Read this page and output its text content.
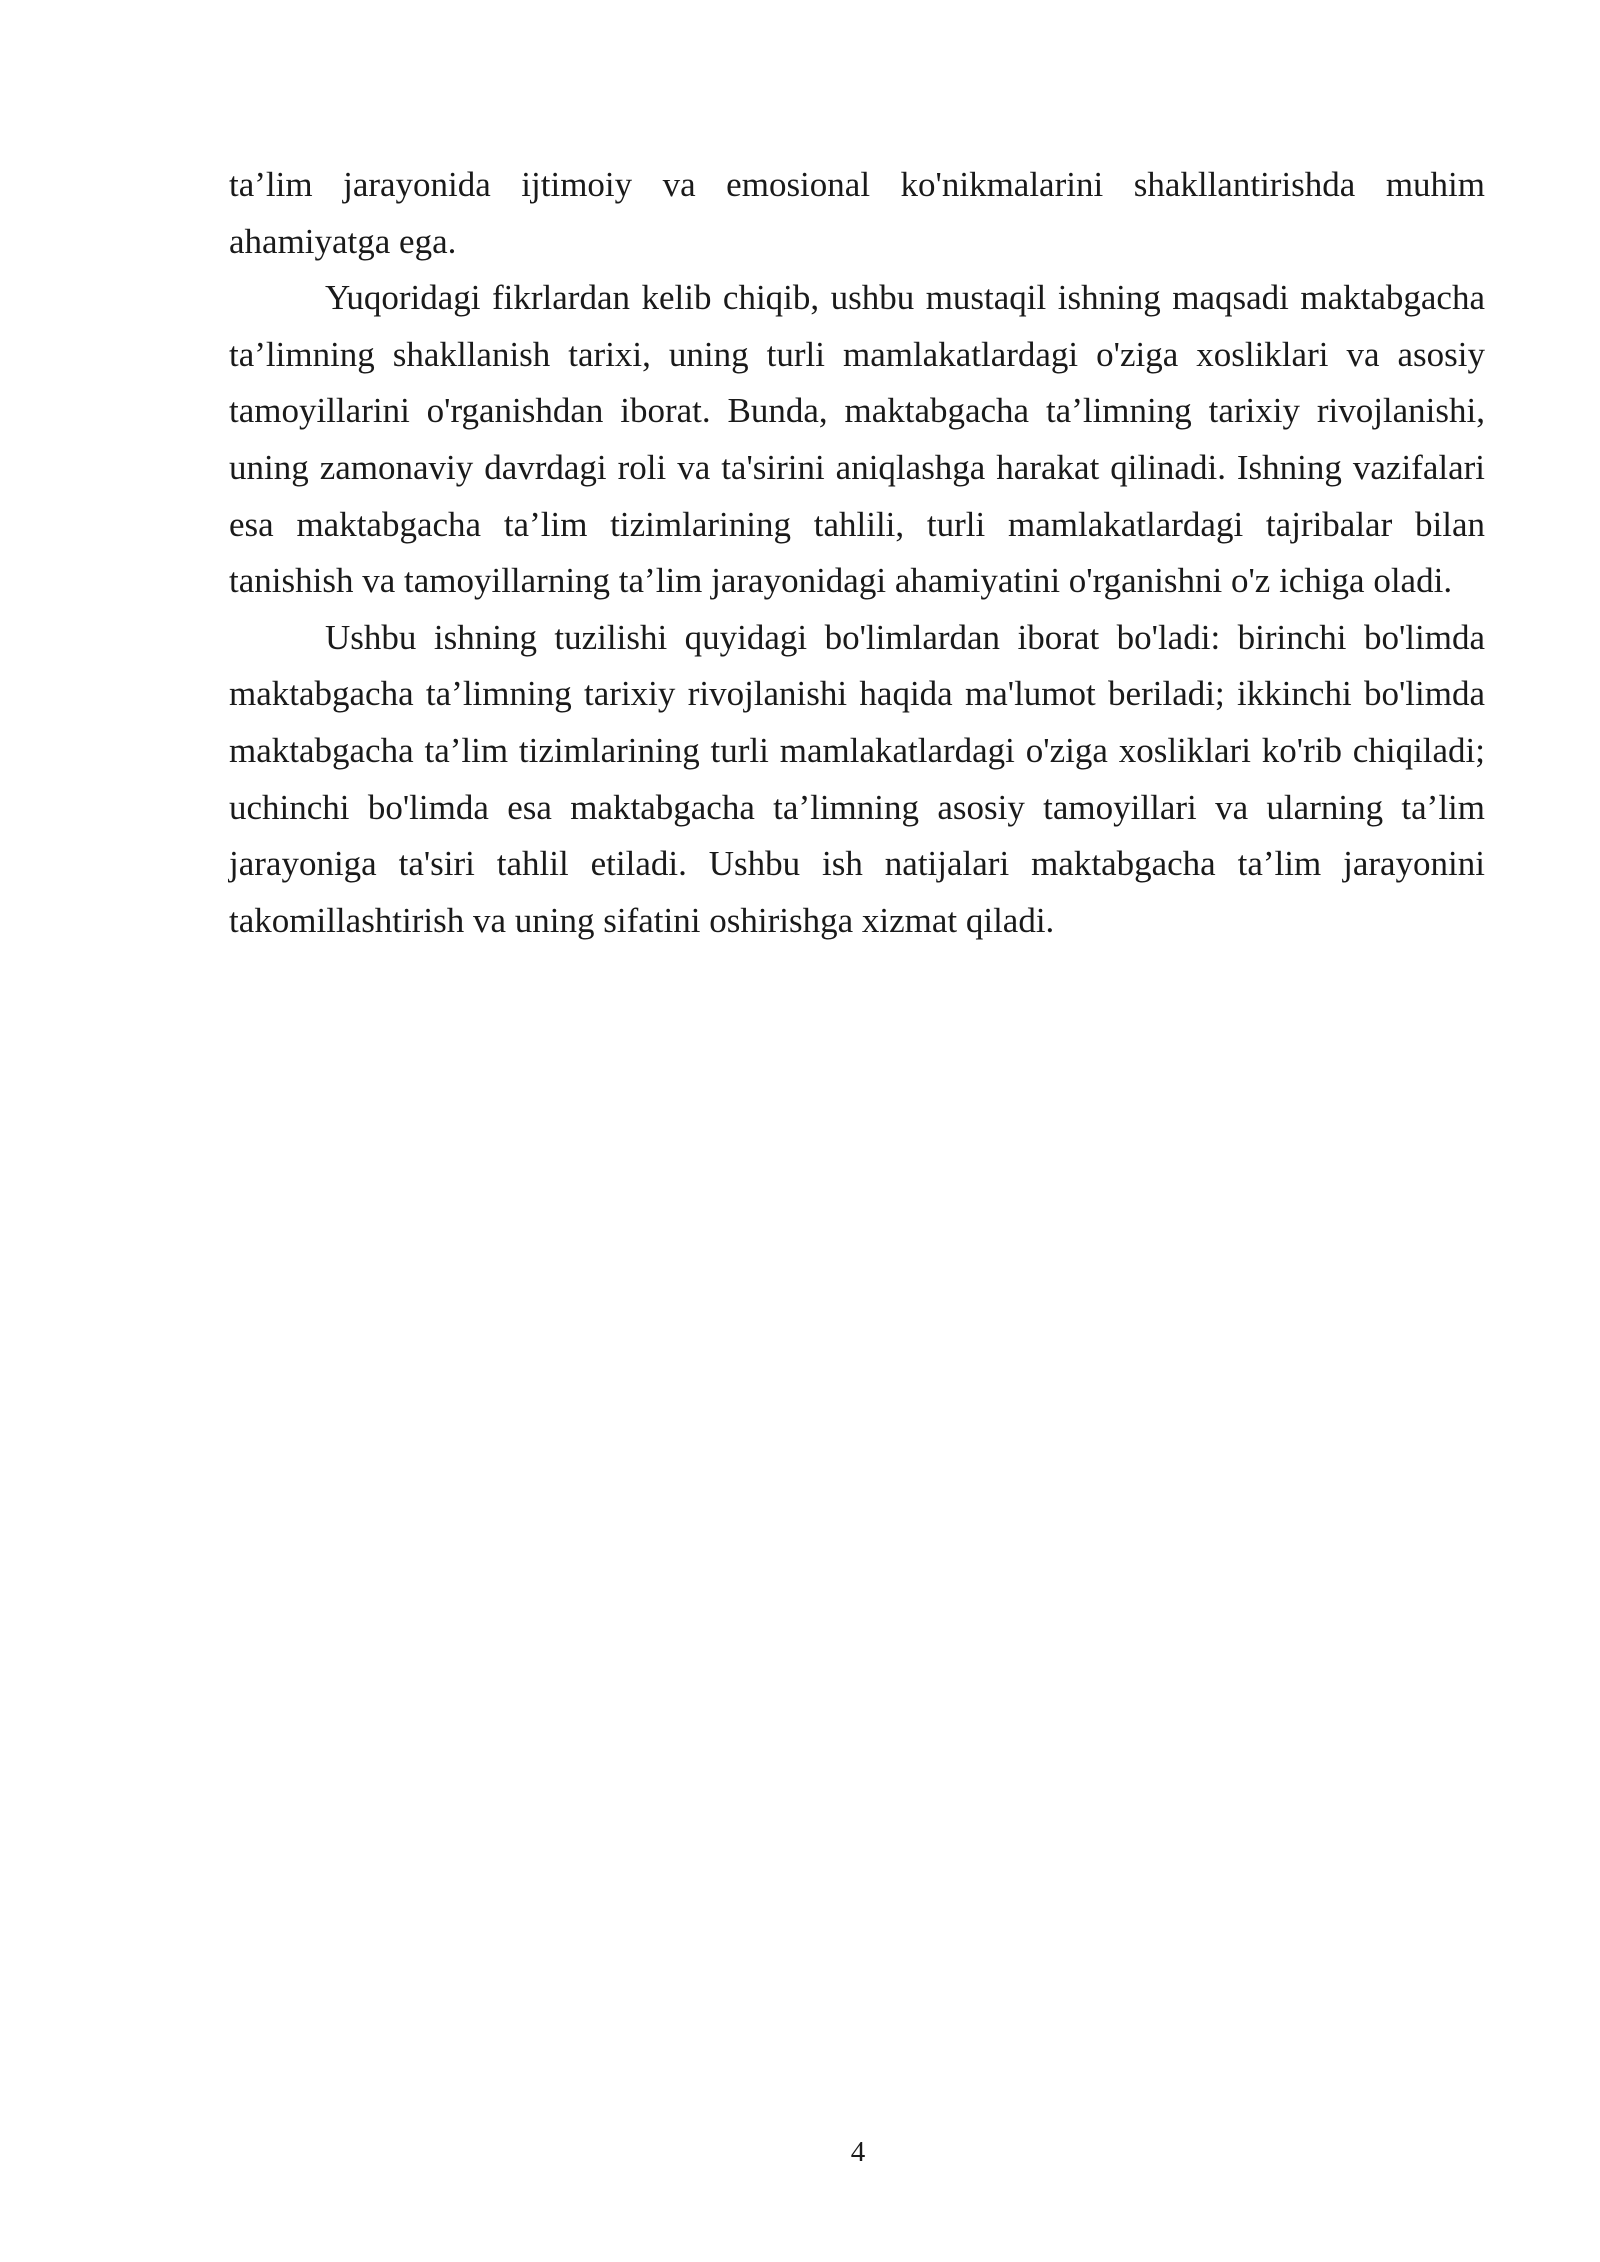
ta’lim jarayonida ijtimoiy va emosional ko'nikmalarini shakllantirishda muhim ahamiyatga ega.

Yuqoridagi fikrlardan kelib chiqib, ushbu mustaqil ishning maqsadi maktabgacha ta’limning shakllanish tarixi, uning turli mamlakatlardagi o'ziga xosliklari va asosiy tamoyillarini o'rganishdan iborat. Bunda, maktabgacha ta’limning tarixiy rivojlanishi, uning zamonaviy davrdagi roli va ta'sirini aniqlashga harakat qilinadi. Ishning vazifalari esa maktabgacha ta’lim tizimlarining tahlili, turli mamlakatlardagi tajribalar bilan tanishish va tamoyillarning ta’lim jarayonidagi ahamiyatini o'rganishni o'z ichiga oladi.

Ushbu ishning tuzilishi quyidagi bo'limlardan iborat bo'ladi: birinchi bo'limda maktabgacha ta’limning tarixiy rivojlanishi haqida ma'lumot beriladi; ikkinchi bo'limda maktabgacha ta’lim tizimlarining turli mamlakatlardagi o'ziga xosliklari ko'rib chiqiladi; uchinchi bo'limda esa maktabgacha ta’limning asosiy tamoyillari va ularning ta’lim jarayoniga ta'siri tahlil etiladi. Ushbu ish natijalari maktabgacha ta’lim jarayonini takomillashtirish va uning sifatini oshirishga xizmat qiladi.

4
